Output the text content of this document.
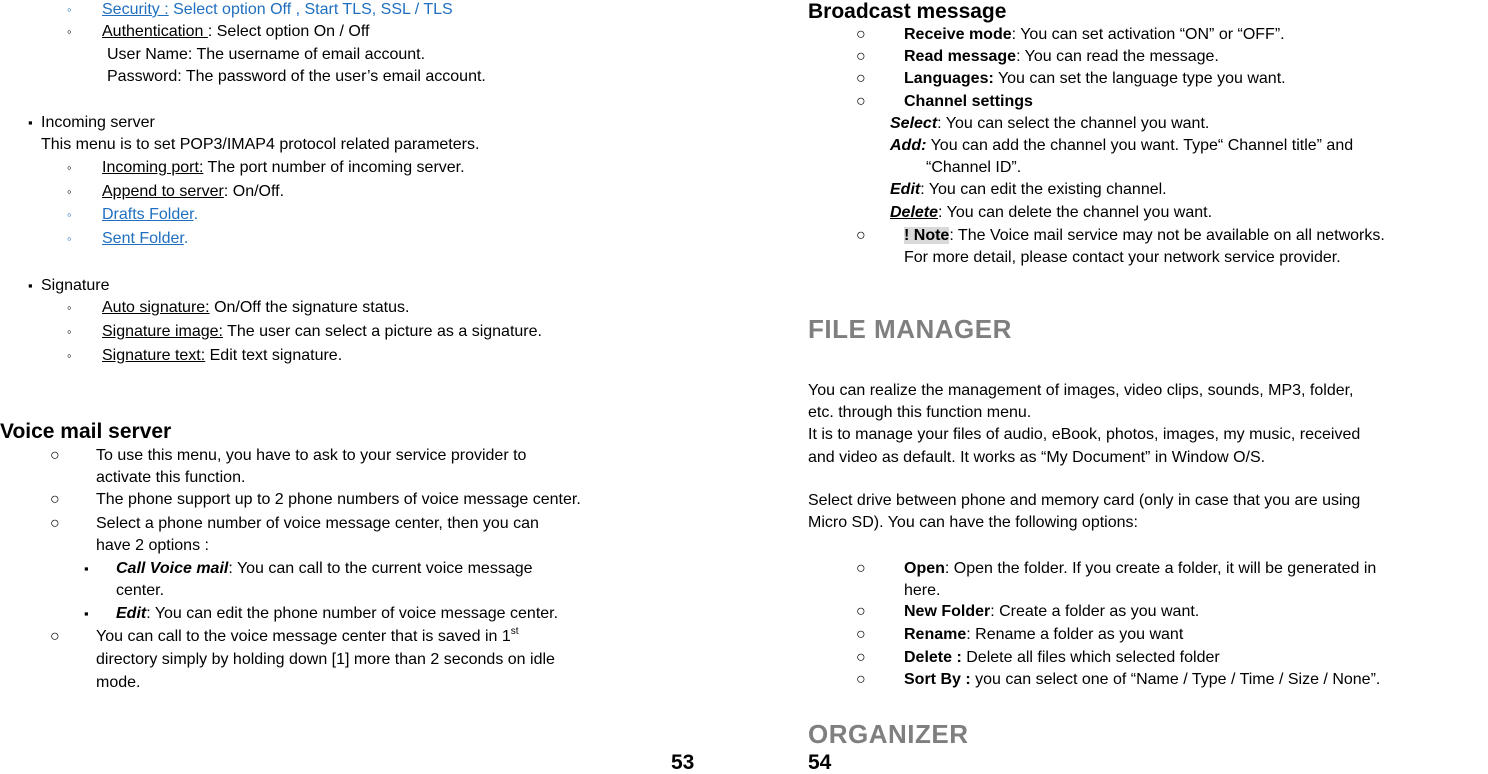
◦ Security : Select option Off , Start TLS, SSL / TLS
◦ Authentication : Select option On / Off
User Name: The username of email account.
Password: The password of the user’s email account.
▪ Incoming server
This menu is to set POP3/IMAP4 protocol related parameters.
◦ Incoming port: The port number of incoming server.
◦ Append to server: On/Off.
◦ Drafts Folder.
◦ Sent Folder.
▪ Signature
◦ Auto signature: On/Off the signature status.
◦ Signature image: The user can select a picture as a signature.
◦ Signature text: Edit text signature.
Voice mail server
○ To use this menu, you have to ask to your service provider to
activate this function.
○ The phone support up to 2 phone numbers of voice message center.
○ Select a phone number of voice message center, then you can
have 2 options :
▪ Call Voice mail: You can call to the current voice message
center.
▪ Edit: You can edit the phone number of voice message center.
○ You can call to the voice message center that is saved in 1st
directory simply by holding down [1] more than 2 seconds on idle
mode.
53
Broadcast message
○ Receive mode: You can set activation “ON” or “OFF”.
○ Read message: You can read the message.
○ Languages: You can set the language type you want.
○ Channel settings
Select: You can select the channel you want.
Add: You can add the channel you want. Type“ Channel title” and
“Channel ID”.
Edit: You can edit the existing channel.
Delete: You can delete the channel you want.
○ ! Note: The Voice mail service may not be available on all networks.
For more detail, please contact your network service provider.
FILE MANAGER
You can realize the management of images, video clips, sounds, MP3, folder,
etc. through this function menu.
It is to manage your files of audio, eBook, photos, images, my music, received
and video as default. It works as “My Document” in Window O/S.
Select drive between phone and memory card (only in case that you are using
Micro SD). You can have the following options:
○ Open: Open the folder. If you create a folder, it will be generated in
here.
○ New Folder: Create a folder as you want.
○ Rename: Rename a folder as you want
○ Delete : Delete all files which selected folder
○ Sort By : you can select one of “Name / Type / Time / Size / None”.
ORGANIZER
54
